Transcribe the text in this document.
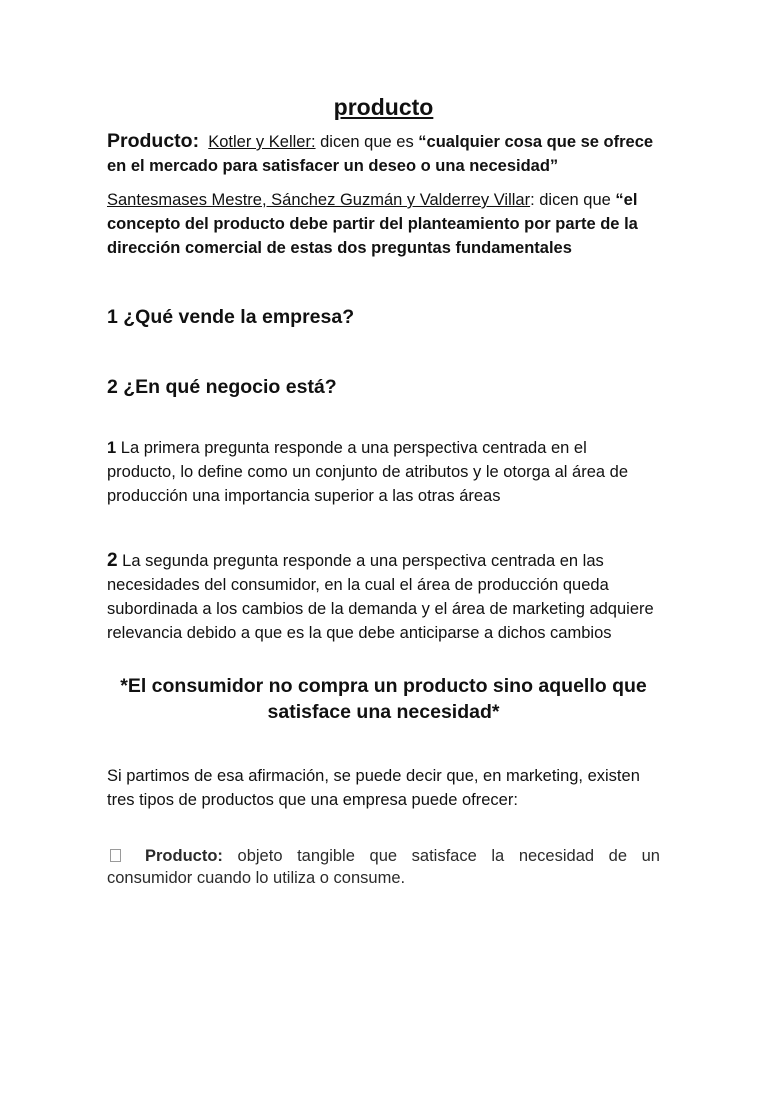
producto

Producto: Kotler y Keller: dicen que es “cualquier cosa que se ofrece en el mercado para satisfacer un deseo o una necesidad”

Santesmases Mestre, Sánchez Guzmán y Valderrey Villar: dicen que “el concepto del producto debe partir del planteamiento por parte de la dirección comercial de estas dos preguntas fundamentales

1 ¿Qué vende la empresa?

2 ¿En qué negocio está?

1 La primera pregunta responde a una perspectiva centrada en el producto, lo define como un conjunto de atributos y le otorga al área de producción una importancia superior a las otras áreas

2 La segunda pregunta responde a una perspectiva centrada en las necesidades del consumidor, en la cual el área de producción queda subordinada a los cambios de la demanda y el área de marketing adquiere relevancia debido a que es la que debe anticiparse a dichos cambios

*El consumidor no compra un producto sino aquello que satisface una necesidad*

Si partimos de esa afirmación, se puede decir que, en marketing, existen tres tipos de productos que una empresa puede ofrecer:

Producto: objeto tangible que satisface la necesidad de un consumidor cuando lo utiliza o consume.
